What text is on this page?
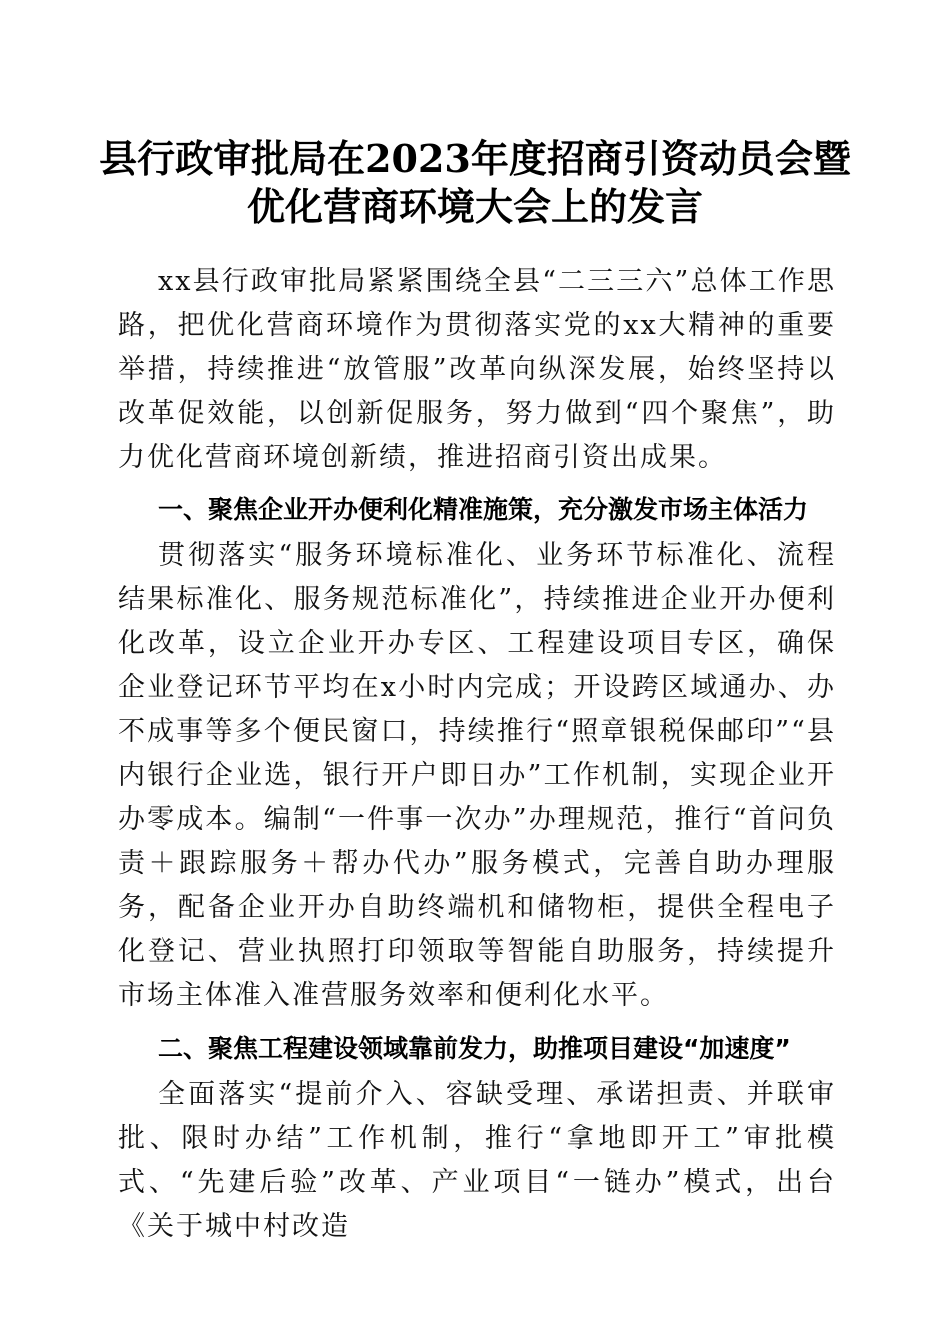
县行政审批局在2023年度招商引资动员会暨
优化营商环境大会上的发言

xx县行政审批局紧紧围绕全县“二三三六”总体工作思路，把优化营商环境作为贯彻落实党的xx大精神的重要举措，持续推进“放管服”改革向纵深发展，始终坚持以改革促效能，以创新促服务，努力做到“四个聚焦”，助力优化营商环境创新绩，推进招商引资出成果。

一、聚焦企业开办便利化精准施策，充分激发市场主体活力

贯彻落实“服务环境标准化、业务环节标准化、流程结果标准化、服务规范标准化”，持续推进企业开办便利化改革，设立企业开办专区、工程建设项目专区，确保企业登记环节平均在x小时内完成；开设跨区域通办、办不成事等多个便民窗口，持续推行“照章银税保邮印”“县内银行企业选，银行开户即日办”工作机制，实现企业开办零成本。编制“一件事一次办”办理规范，推行“首问负责＋跟踪服务＋帮办代办”服务模式，完善自助办理服务，配备企业开办自助终端机和储物柜，提供全程电子化登记、营业执照打印领取等智能自助服务，持续提升市场主体准入准营服务效率和便利化水平。

二、聚焦工程建设领域靠前发力，助推项目建设“加速度”

全面落实“提前介入、容缺受理、承诺担责、并联审批、限时办结”工作机制，推行“拿地即开工”审批模式、“先建后验”改革、产业项目“一链办”模式，出台《关于城中村改造
